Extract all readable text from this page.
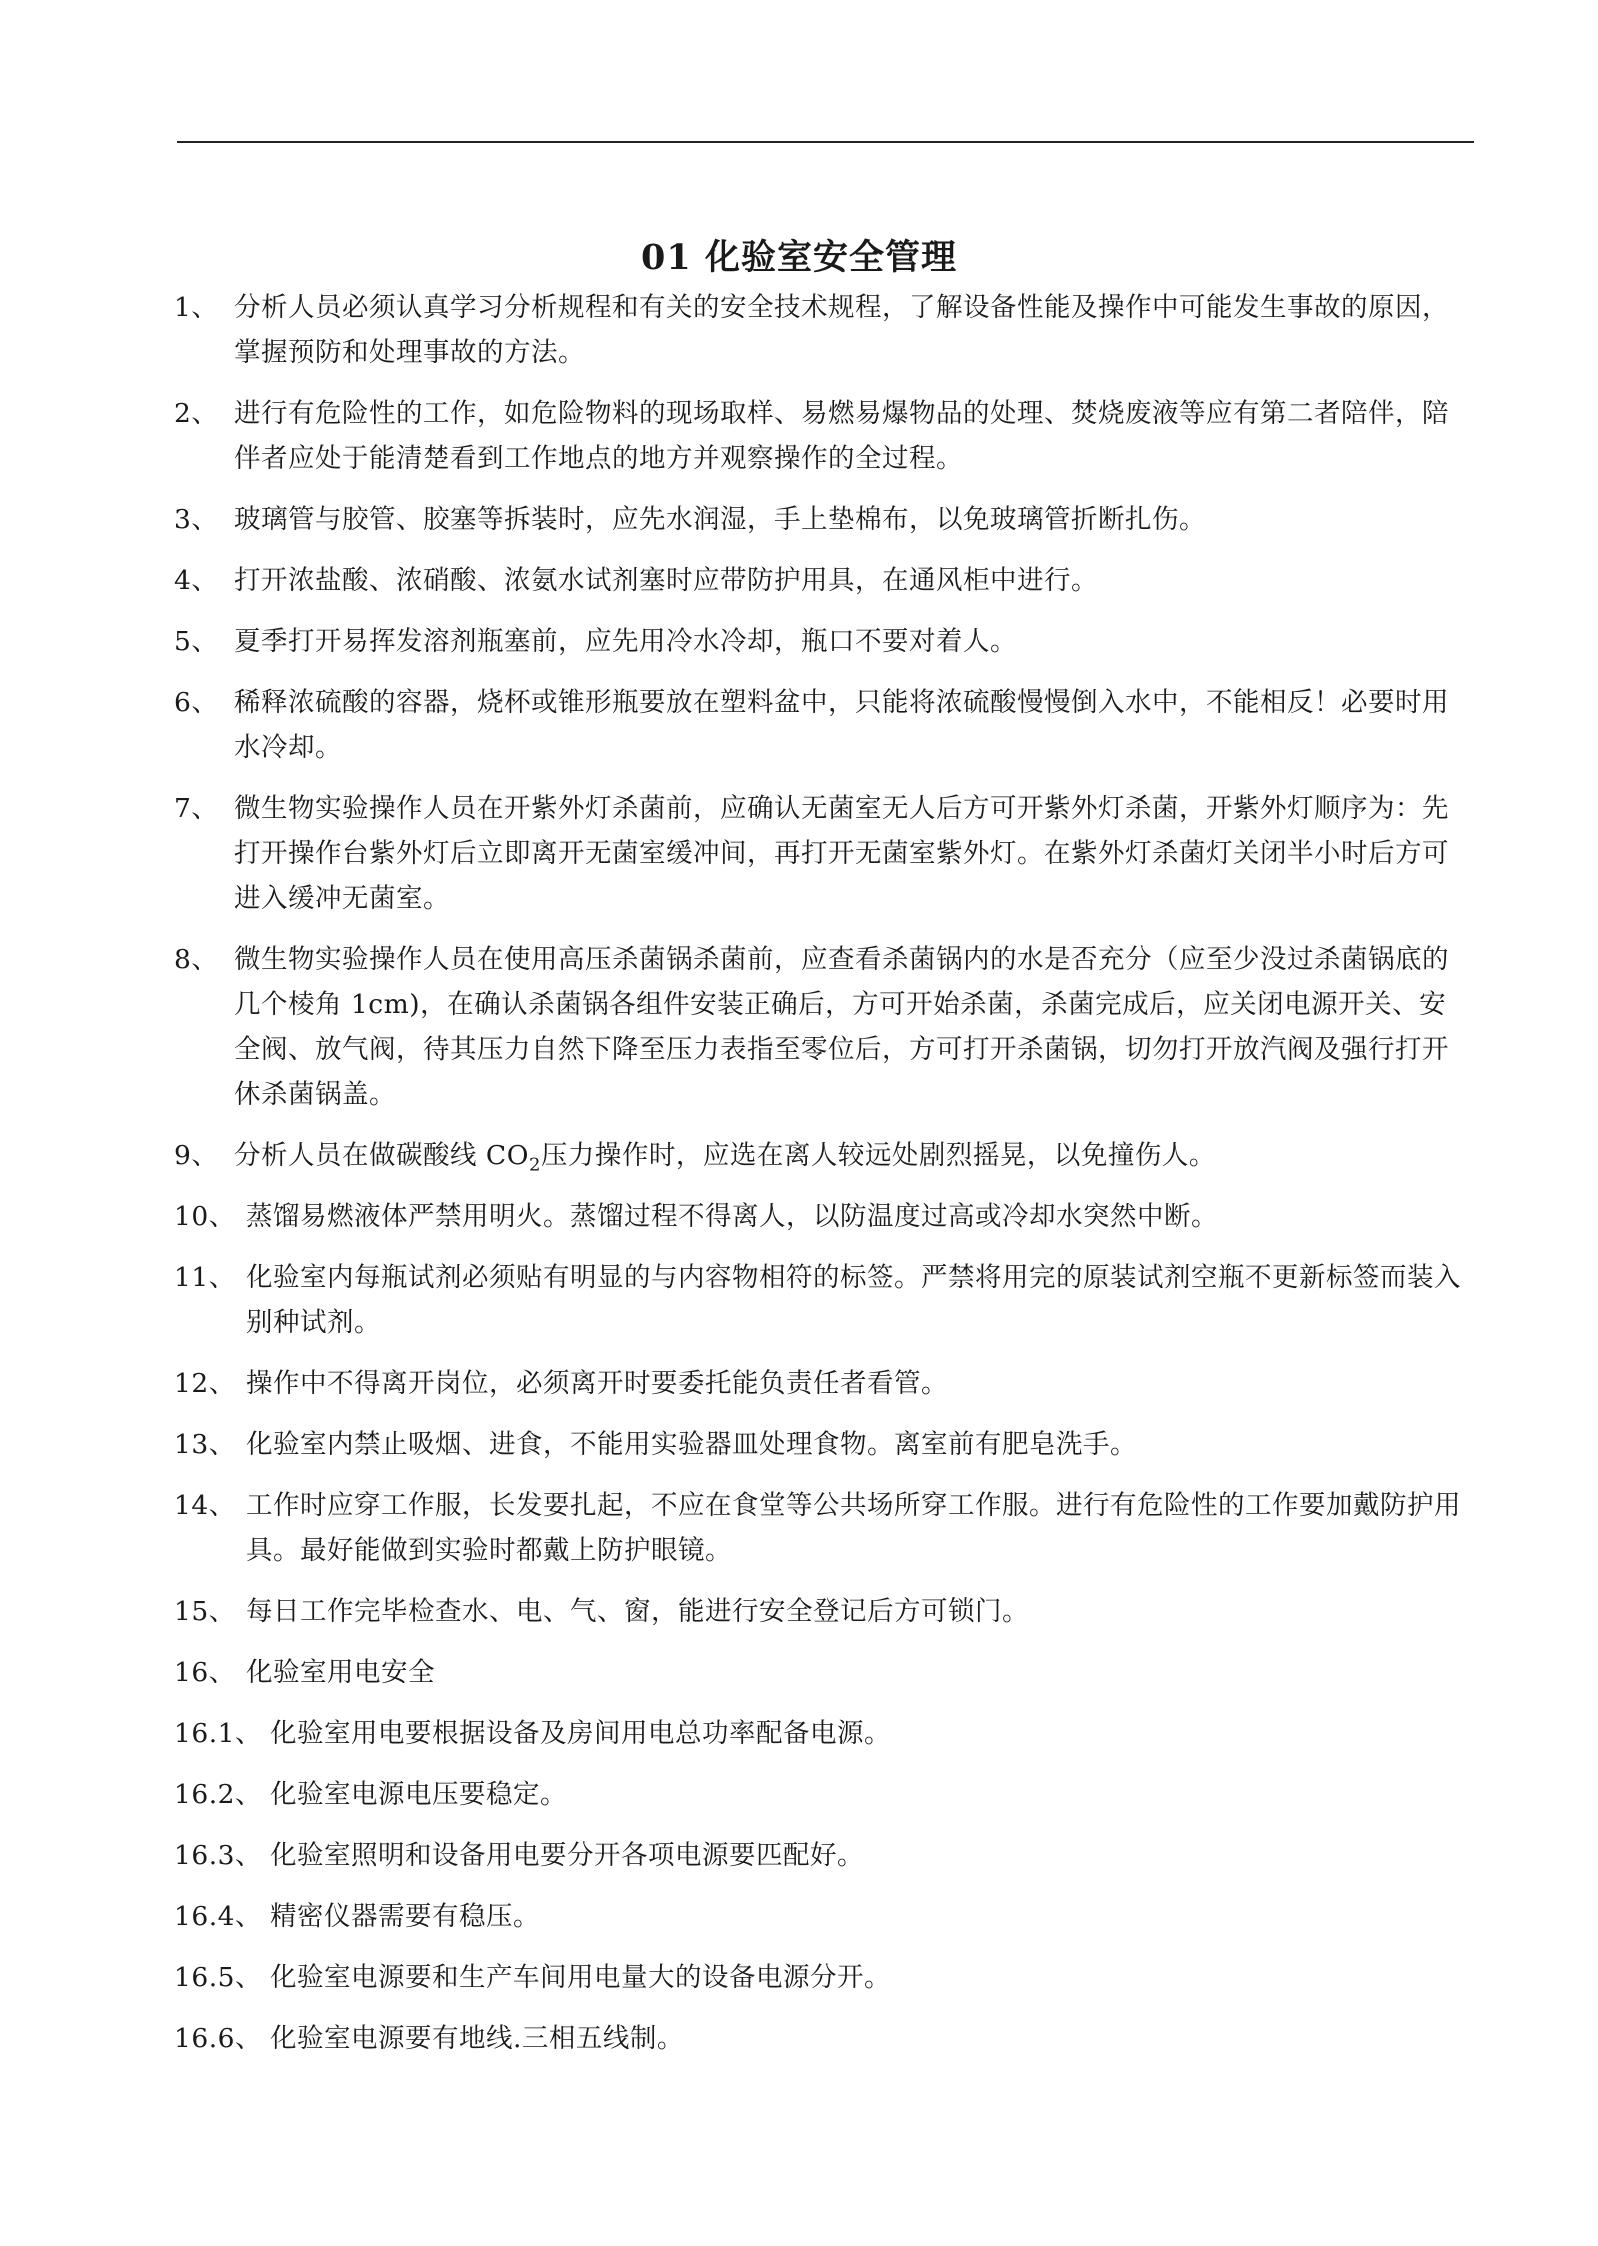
01 化验室安全管理
1、 分析人员必须认真学习分析规程和有关的安全技术规程，了解设备性能及操作中可能发生事故的原因，掌握预防和处理事故的方法。
2、 进行有危险性的工作，如危险物料的现场取样、易燃易爆物品的处理、焚烧废液等应有第二者陪伴，陪伴者应处于能清楚看到工作地点的地方并观察操作的全过程。
3、 玻璃管与胶管、胶塞等拆装时，应先水润湿，手上垫棉布，以免玻璃管折断扎伤。
4、 打开浓盐酸、浓硝酸、浓氨水试剂塞时应带防护用具，在通风柜中进行。
5、 夏季打开易挥发溶剂瓶塞前，应先用冷水冷却，瓶口不要对着人。
6、 稀释浓硫酸的容器，烧杯或锥形瓶要放在塑料盆中，只能将浓硫酸慢慢倒入水中，不能相反！必要时用水冷却。
7、 微生物实验操作人员在开紫外灯杀菌前，应确认无菌室无人后方可开紫外灯杀菌，开紫外灯顺序为：先打开操作台紫外灯后立即离开无菌室缓冲间，再打开无菌室紫外灯。在紫外灯杀菌灯关闭半小时后方可进入缓冲无菌室。
8、 微生物实验操作人员在使用高压杀菌锅杀菌前，应查看杀菌锅内的水是否充分（应至少没过杀菌锅底的几个棱角 1cm)，在确认杀菌锅各组件安装正确后，方可开始杀菌，杀菌完成后，应关闭电源开关、安全阀、放气阀，待其压力自然下降至压力表指至零位后，方可打开杀菌锅，切勿打开放汽阀及强行打开休杀菌锅盖。
9、 分析人员在做碳酸线 $CO_2$压力操作时，应选在离人较远处剧烈摇晃，以免撞伤人。
10、 蒸馏易燃液体严禁用明火。蒸馏过程不得离人，以防温度过高或冷却水突然中断。
11、 化验室内每瓶试剂必须贴有明显的与内容物相符的标签。严禁将用完的原装试剂空瓶不更新标签而装入别种试剂。
12、 操作中不得离开岗位，必须离开时要委托能负责任者看管。
13、 化验室内禁止吸烟、进食，不能用实验器皿处理食物。离室前有肥皂洗手。
14、 工作时应穿工作服，长发要扎起，不应在食堂等公共场所穿工作服。进行有危险性的工作要加戴防护用具。最好能做到实验时都戴上防护眼镜。
15、 每日工作完毕检查水、电、气、窗，能进行安全登记后方可锁门。
16、 化验室用电安全
16.1、 化验室用电要根据设备及房间用电总功率配备电源。
16.2、 化验室电源电压要稳定。
16.3、 化验室照明和设备用电要分开各项电源要匹配好。
16.4、 精密仪器需要有稳压。
16.5、 化验室电源要和生产车间用电量大的设备电源分开。
16.6、 化验室电源要有地线.三相五线制。
